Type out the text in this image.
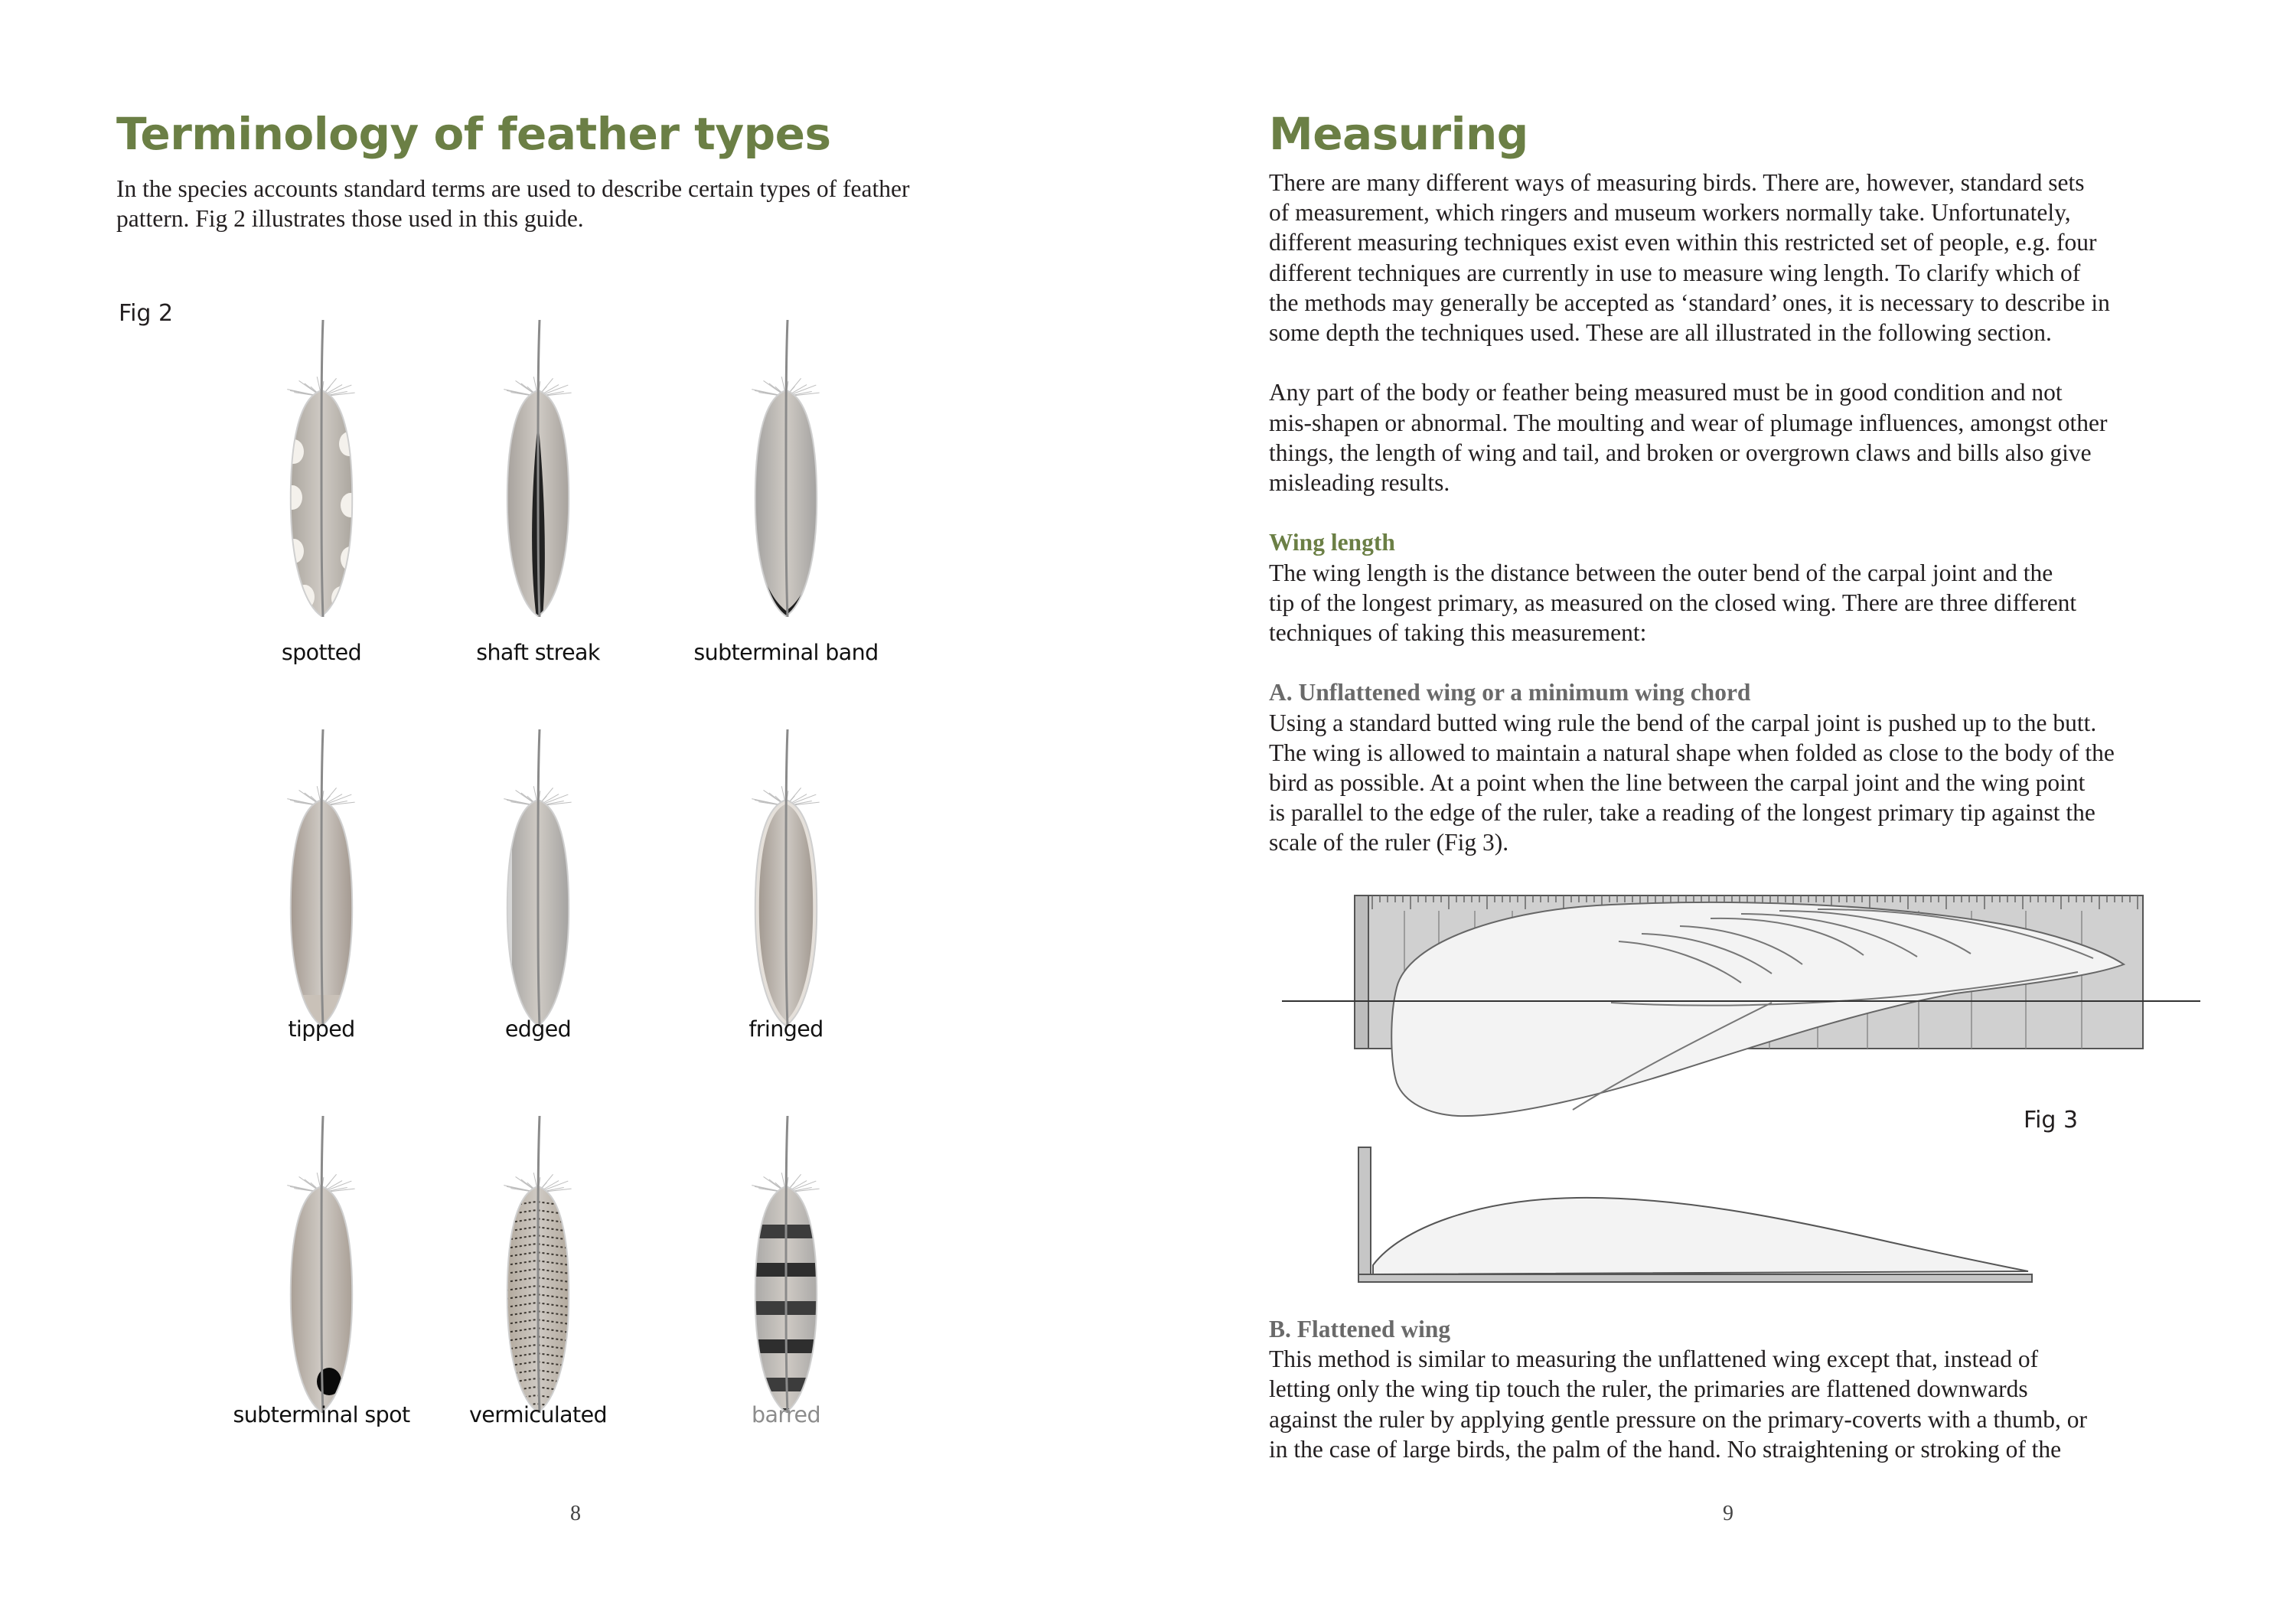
Terminology of feather types
In the species accounts standard terms are used to describe certain types of feather
pattern. Fig 2 illustrates those used in this guide.
Fig 2
spotted	shaft streak	subterminal band
tipped	edged	fringed
subterminal spot	vermiculated	barred
8
Measuring
There are many different ways of measuring birds. There are, however, standard sets
of measurement, which ringers and museum workers normally take. Unfortunately,
different measuring techniques exist even within this restricted set of people, e.g. four
different techniques are currently in use to measure wing length. To clarify which of
the methods may generally be accepted as ‘standard’ ones, it is necessary to describe in
some depth the techniques used. These are all illustrated in the following section.
Any part of the body or feather being measured must be in good condition and not
mis-shapen or abnormal. The moulting and wear of plumage influences, amongst other
things, the length of wing and tail, and broken or overgrown claws and bills also give
misleading results.
Wing length
The wing length is the distance between the outer bend of the carpal joint and the
tip of the longest primary, as measured on the closed wing. There are three different
techniques of taking this measurement:
A. Unflattened wing or a minimum wing chord
Using a standard butted wing rule the bend of the carpal joint is pushed up to the butt.
The wing is allowed to maintain a natural shape when folded as close to the body of the
bird as possible. At a point when the line between the carpal joint and the wing point
is parallel to the edge of the ruler, take a reading of the longest primary tip against the
scale of the ruler (Fig 3).
Fig 3
B. Flattened wing
This method is similar to measuring the unflattened wing except that, instead of
letting only the wing tip touch the ruler, the primaries are flattened downwards
against the ruler by applying gentle pressure on the primary-coverts with a thumb, or
in the case of large birds, the palm of the hand. No straightening or stroking of the
9
